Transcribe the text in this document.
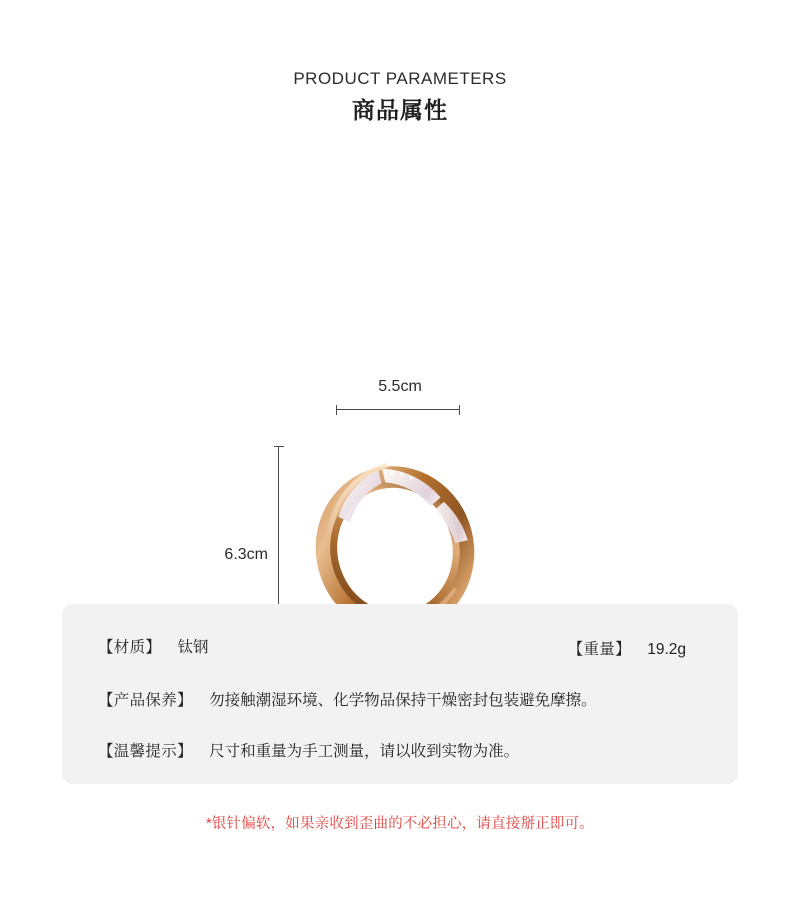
PRODUCT PARAMETERS
商品属性
5.5cm
6.3cm
【材质】 钛钢	【重量】 19.2g
【产品保养】 勿接触潮湿环境、化学物品保持干燥密封包装避免摩擦。
【温馨提示】 尺寸和重量为手工测量，请以收到实物为准。
*银针偏软，如果亲收到歪曲的不必担心，请直接掰正即可。
